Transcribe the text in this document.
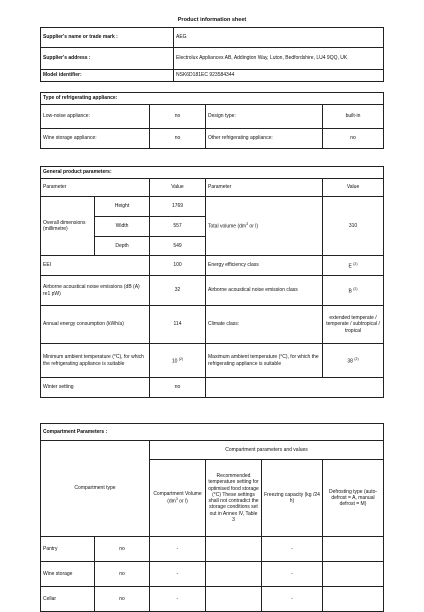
Product information sheet
Supplier's name or trade mark :	AEG
Supplier's address :	Electrolux Appliances AB, Addington Way, Luton, Bedfordshire, LU4 9QQ, UK
Model identifier:	NSK6D181EC 923584344
Type of refrigerating appliance:			
Low-noise appliance:	no	Design type:	built-in
Wine storage appliance:	no	Other refrigerating appliance:	no
General product parameters:				
Parameter		Value	Parameter	Value
Overall dimensions (millimetre)	Height	1769	Total volume ($dm^3$ or l)	310
	Width	557		
	Depth	549		
EEI		100	Energy efficiency class	E $^{(2)}$
Airborne acoustical noise emissions (dB (A) re1 pW)		32	Airborne acoustical noise emission class	B $^{(2)}$
Annual energy consumption (kWh/a)		114	Climate class:	extended temperate / temperate / subtropical / tropical
Minimum ambient temperature (°C), for which the refrigerating appliance is suitable		10 $^{(2)}$	Maximum ambient temperature (°C), for which the refrigerating appliance is suitable	38 $^{(2)}$
Winter setting		no		
Compartment Parameters :					
Compartment type		Compartment parameters and values			
		Compartment Volume ($dm^3$ or l)	Recommended temperature setting for optimised food storage (°C) These settings shall not contradict the storage conditions set out in Annex IV, Table 3	Freezing capacity (kg /24 h)	Defrosting type (auto-defrost = A, manual defrost = M)
Pantry	no	-		-	
Wine storage	no	-		-	
Cellar	no	-		-	
